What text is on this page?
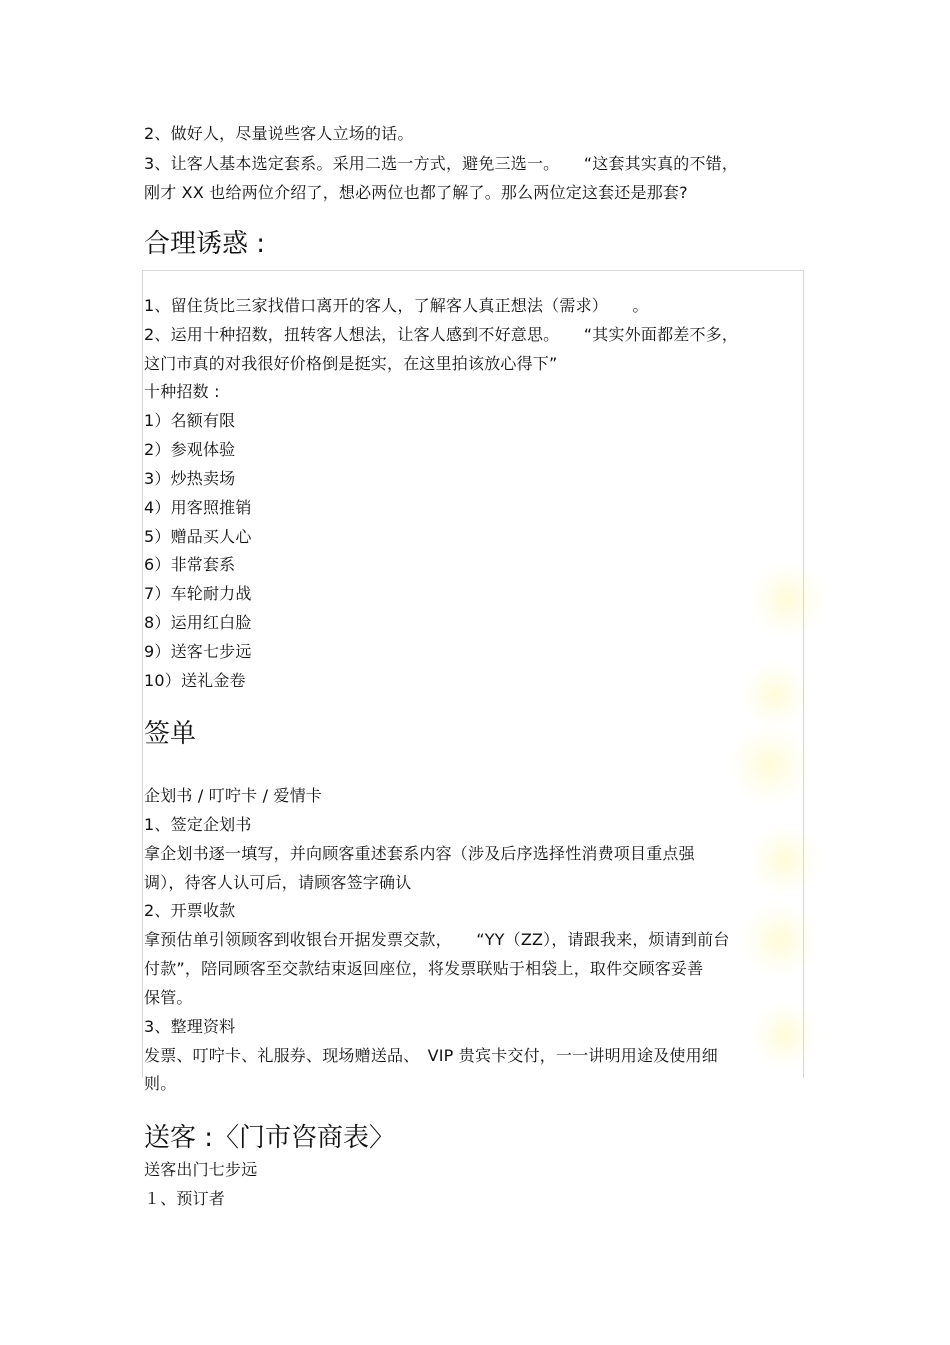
2、做好人，尽量说些客人立场的话。
3、让客人基本选定套系。采用二选一方式，避免三选一。　　“这套其实真的不错，
刚才 XX 也给两位介绍了，想必两位也都了解了。那么两位定这套还是那套?
合理诱惑 :
1、留住货比三家找借口离开的客人，了解客人真正想法（需求）　　。
2、运用十种招数，扭转客人想法，让客人感到不好意思。　　“其实外面都差不多，
这门市真的对我很好价格倒是挺实，在这里拍该放心得下”
十种招数 :
1）名额有限
2）参观体验
3）炒热卖场
4）用客照推销
5）赠品买人心
6）非常套系
7）车轮耐力战
8）运用红白脸
9）送客七步远
10）送礼金卷
签单
企划书 / 叮咛卡 / 爱情卡
1、签定企划书
拿企划书逐一填写，并向顾客重述套系内容（涉及后序选择性消费项目重点强
调），待客人认可后，请顾客签字确认
2、开票收款
拿预估单引领顾客到收银台开据发票交款，　　“YY（ZZ），请跟我来，烦请到前台
付款”，陪同顾客至交款结束返回座位，将发票联贴于相袋上，取件交顾客妥善
保管。
3、整理资料
发票、叮咛卡、礼服券、现场赠送品、　VIP 贵宾卡交付，一一讲明用途及使用细
则。
送客 :〈门市咨商表〉
送客出门七步远
１、预订者
